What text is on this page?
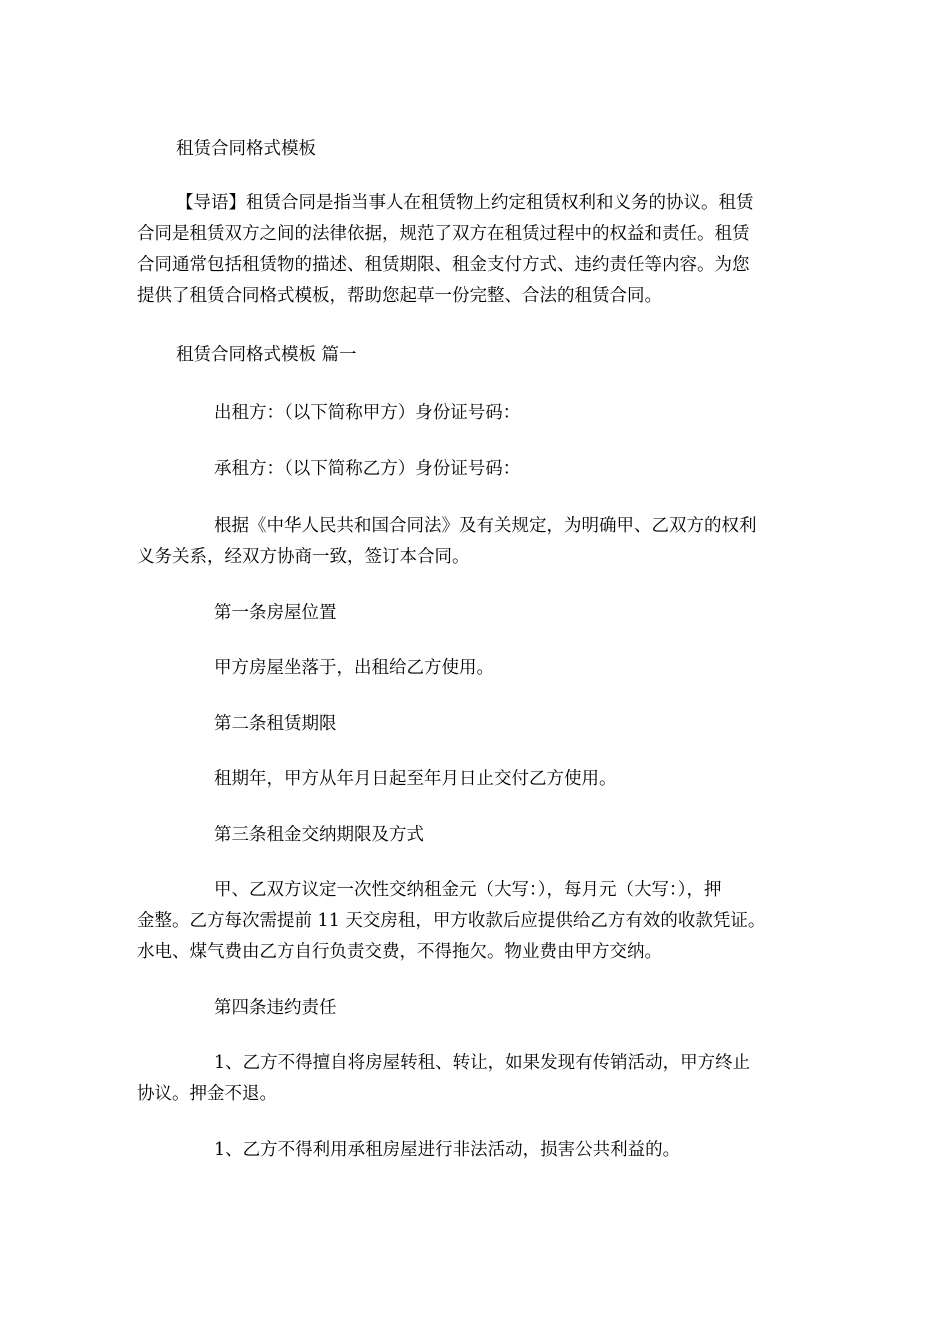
租赁合同格式模板

【导语】租赁合同是指当事人在租赁物上约定租赁权利和义务的协议。租赁

合同是租赁双方之间的法律依据，规范了双方在租赁过程中的权益和责任。租赁

合同通常包括租赁物的描述、租赁期限、租金支付方式、违约责任等内容。为您

提供了租赁合同格式模板，帮助您起草一份完整、合法的租赁合同。

租赁合同格式模板 篇一

出租方：（以下简称甲方）身份证号码：

承租方：（以下简称乙方）身份证号码：

根据《中华人民共和国合同法》及有关规定，为明确甲、乙双方的权利

义务关系，经双方协商一致，签订本合同。

第一条房屋位置

甲方房屋坐落于，出租给乙方使用。

第二条租赁期限

租期年，甲方从年月日起至年月日止交付乙方使用。

第三条租金交纳期限及方式

甲、乙双方议定一次性交纳租金元（大写：），每月元（大写：），押

金整。乙方每次需提前 11 天交房租，甲方收款后应提供给乙方有效的收款凭证。

水电、煤气费由乙方自行负责交费，不得拖欠。物业费由甲方交纳。

第四条违约责任

1、乙方不得擅自将房屋转租、转让，如果发现有传销活动，甲方终止

协议。押金不退。

1、乙方不得利用承租房屋进行非法活动，损害公共利益的。
